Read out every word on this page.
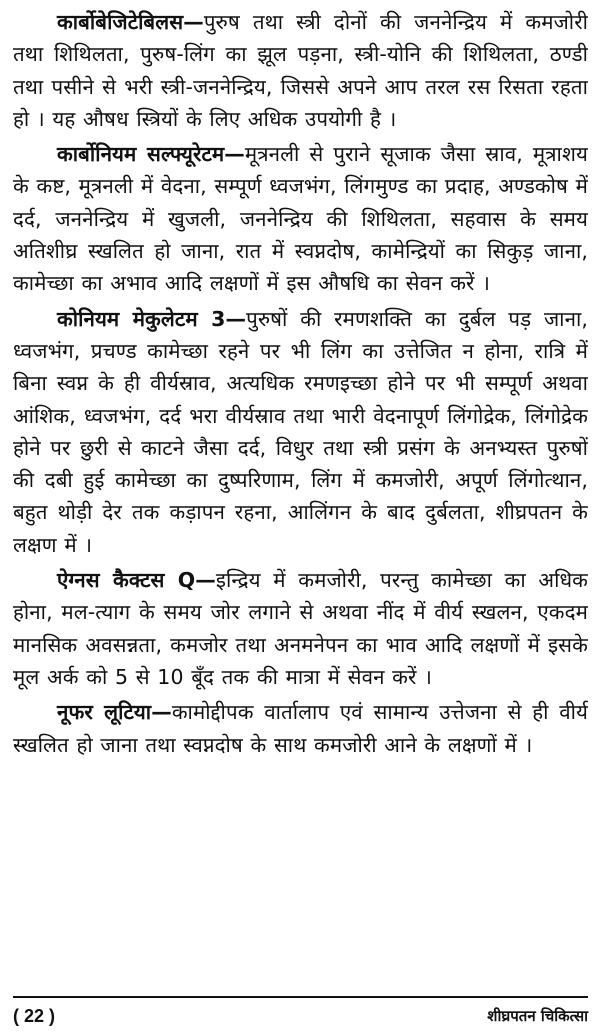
कार्बोबेजिटेबिलस—पुरुष तथा स्त्री दोनों की जननेन्द्रिय में कमजोरी तथा शिथिलता, पुरुष-लिंग का झूल पड़ना, स्त्री-योनि की शिथिलता, ठण्डी तथा पसीने से भरी स्त्री-जननेन्द्रिय, जिससे अपने आप तरल रस रिसता रहता हो । यह औषध स्त्रियों के लिए अधिक उपयोगी है ।

कार्बोनियम सल्फ्यूरेटम—मूत्रनली से पुराने सूजाक जैसा स्राव, मूत्राशय के कष्ट, मूत्रनली में वेदना, सम्पूर्ण ध्वजभंग, लिंगमुण्ड का प्रदाह, अण्डकोष में दर्द, जननेन्द्रिय में खुजली, जननेन्द्रिय की शिथिलता, सहवास के समय अतिशीघ्र स्खलित हो जाना, रात में स्वप्नदोष, कामेन्द्रियों का सिकुड़ जाना, कामेच्छा का अभाव आदि लक्षणों में इस औषधि का सेवन करें ।

कोनियम मेकुलेटम 3—पुरुषों की रमणशक्ति का दुर्बल पड़ जाना, ध्वजभंग, प्रचण्ड कामेच्छा रहने पर भी लिंग का उत्तेजित न होना, रात्रि में बिना स्वप्न के ही वीर्यस्राव, अत्यधिक रमणइच्छा होने पर भी सम्पूर्ण अथवा आंशिक, ध्वजभंग, दर्द भरा वीर्यस्राव तथा भारी वेदनापूर्ण लिंगोद्रेक, लिंगोद्रेक होने पर छुरी से काटने जैसा दर्द, विधुर तथा स्त्री प्रसंग के अनभ्यस्त पुरुषों की दबी हुई कामेच्छा का दुष्परिणाम, लिंग में कमजोरी, अपूर्ण लिंगोत्थान, बहुत थोड़ी देर तक कड़ापन रहना, आलिंगन के बाद दुर्बलता, शीघ्रपतन के लक्षण में ।

ऐग्नस कैक्टस Q—इन्द्रिय में कमजोरी, परन्तु कामेच्छा का अधिक होना, मल-त्याग के समय जोर लगाने से अथवा नींद में वीर्य स्खलन, एकदम मानसिक अवसन्नता, कमजोर तथा अनमनेपन का भाव आदि लक्षणों में इसके मूल अर्क को 5 से 10 बूँद तक की मात्रा में सेवन करें ।

नूफर लूटिया—कामोद्दीपक वार्तालाप एवं सामान्य उत्तेजना से ही वीर्य स्खलित हो जाना तथा स्वप्नदोष के साथ कमजोरी आने के लक्षणों में ।

( 22 )	शीघ्रपतन चिकित्सा
